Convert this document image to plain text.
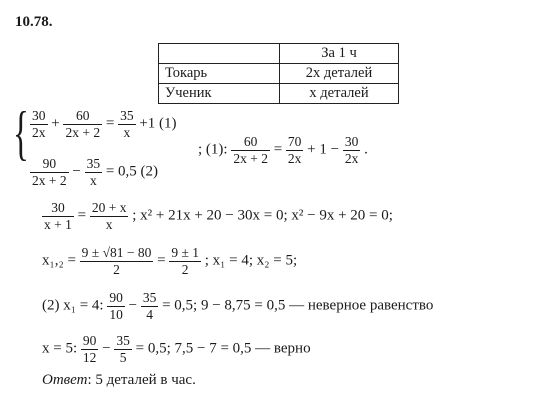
10.78.
	За 1 ч
Токарь	2x деталей
Ученик	x деталей
{ $\frac{30}{2x} + \frac{60}{2x + 2} = \frac{35}{x} +1$ (1)
$\frac{90}{2x + 2} - \frac{35}{x} = 0,5$ (2)
; (1): $\frac{60}{2x + 2} = \frac{70}{2x} + 1 - \frac{30}{2x}$ .
$\frac{30}{x + 1} = \frac{20 + x}{x}$ ; x² + 21x + 20 − 30x = 0; x² − 9x + 20 = 0;
$x_1,_2 = \frac{9 \pm √81 - 80}{2} = \frac{9 \pm 1}{2}$ ; x₁ = 4; x₂ = 5;
(2) x₁ = 4: $\frac{90}{10} - \frac{35}{4} = 0,5$; 9 − 8,75 = 0,5 — неверное равенство
x = 5: $\frac{90}{12} - \frac{35}{5} = 0,5$; 7,5 − 7 = 0,5 — верно
Ответ: 5 деталей в час.
